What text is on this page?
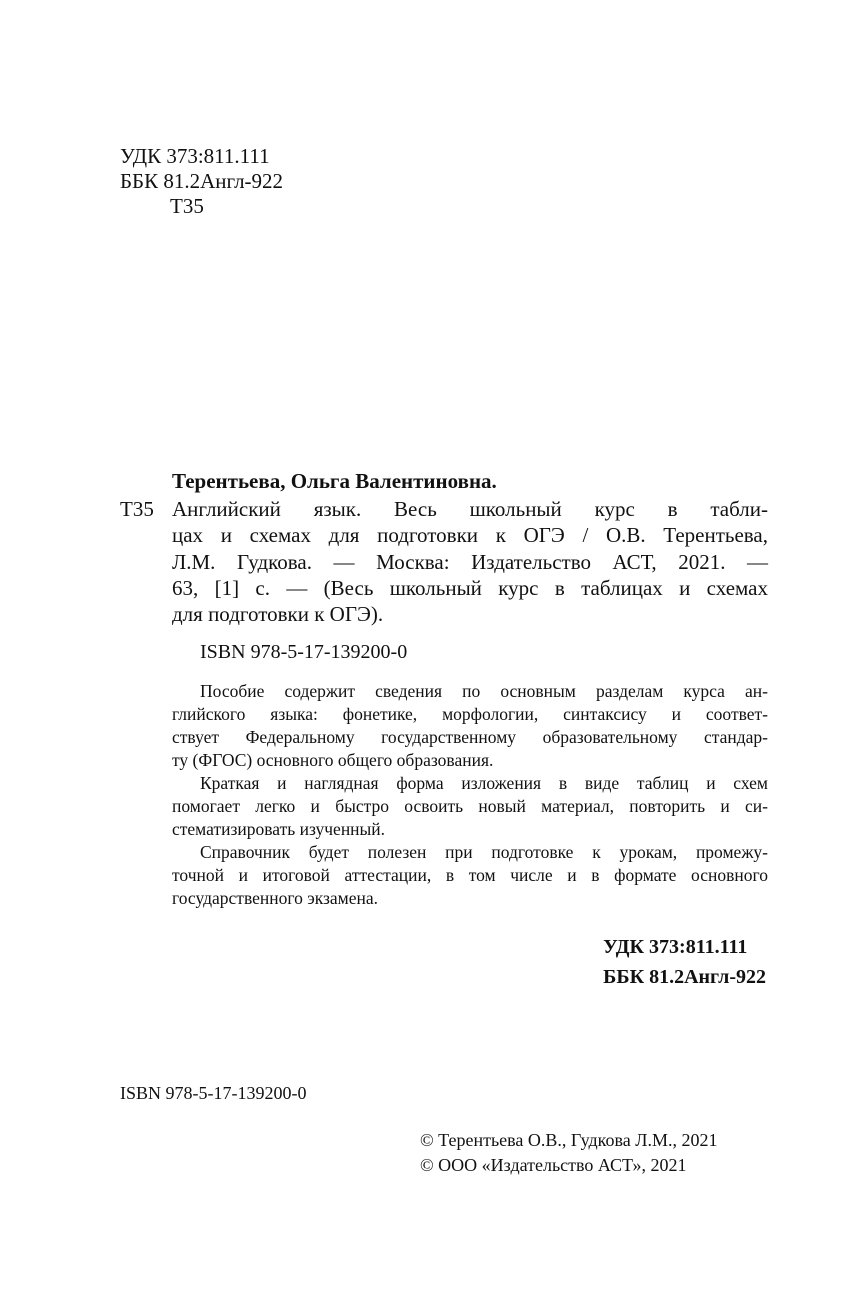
УДК 373:811.111
ББК 81.2Англ-922
Т35
Терентьева, Ольга Валентиновна.
Т35 Английский язык. Весь школьный курс в табли-
цах и схемах для подготовки к ОГЭ / О.В. Терентьева,
Л.М. Гудкова. — Москва: Издательство АСТ, 2021. —
63, [1] с. — (Весь школьный курс в таблицах и схемах
для подготовки к ОГЭ).
ISBN 978-5-17-139200-0
Пособие содержит сведения по основным разделам курса ан-
глийского языка: фонетике, морфологии, синтаксису и соответ-
ствует Федеральному государственному образовательному стандар-
ту (ФГОС) основного общего образования.
Краткая и наглядная форма изложения в виде таблиц и схем
помогает легко и быстро освоить новый материал, повторить и си-
стематизировать изученный.
Справочник будет полезен при подготовке к урокам, промежу-
точной и итоговой аттестации, в том числе и в формате основного
государственного экзамена.
УДК 373:811.111
ББК 81.2Англ-922
ISBN 978-5-17-139200-0
© Терентьева О.В., Гудкова Л.М., 2021
© ООО «Издательство АСТ», 2021
